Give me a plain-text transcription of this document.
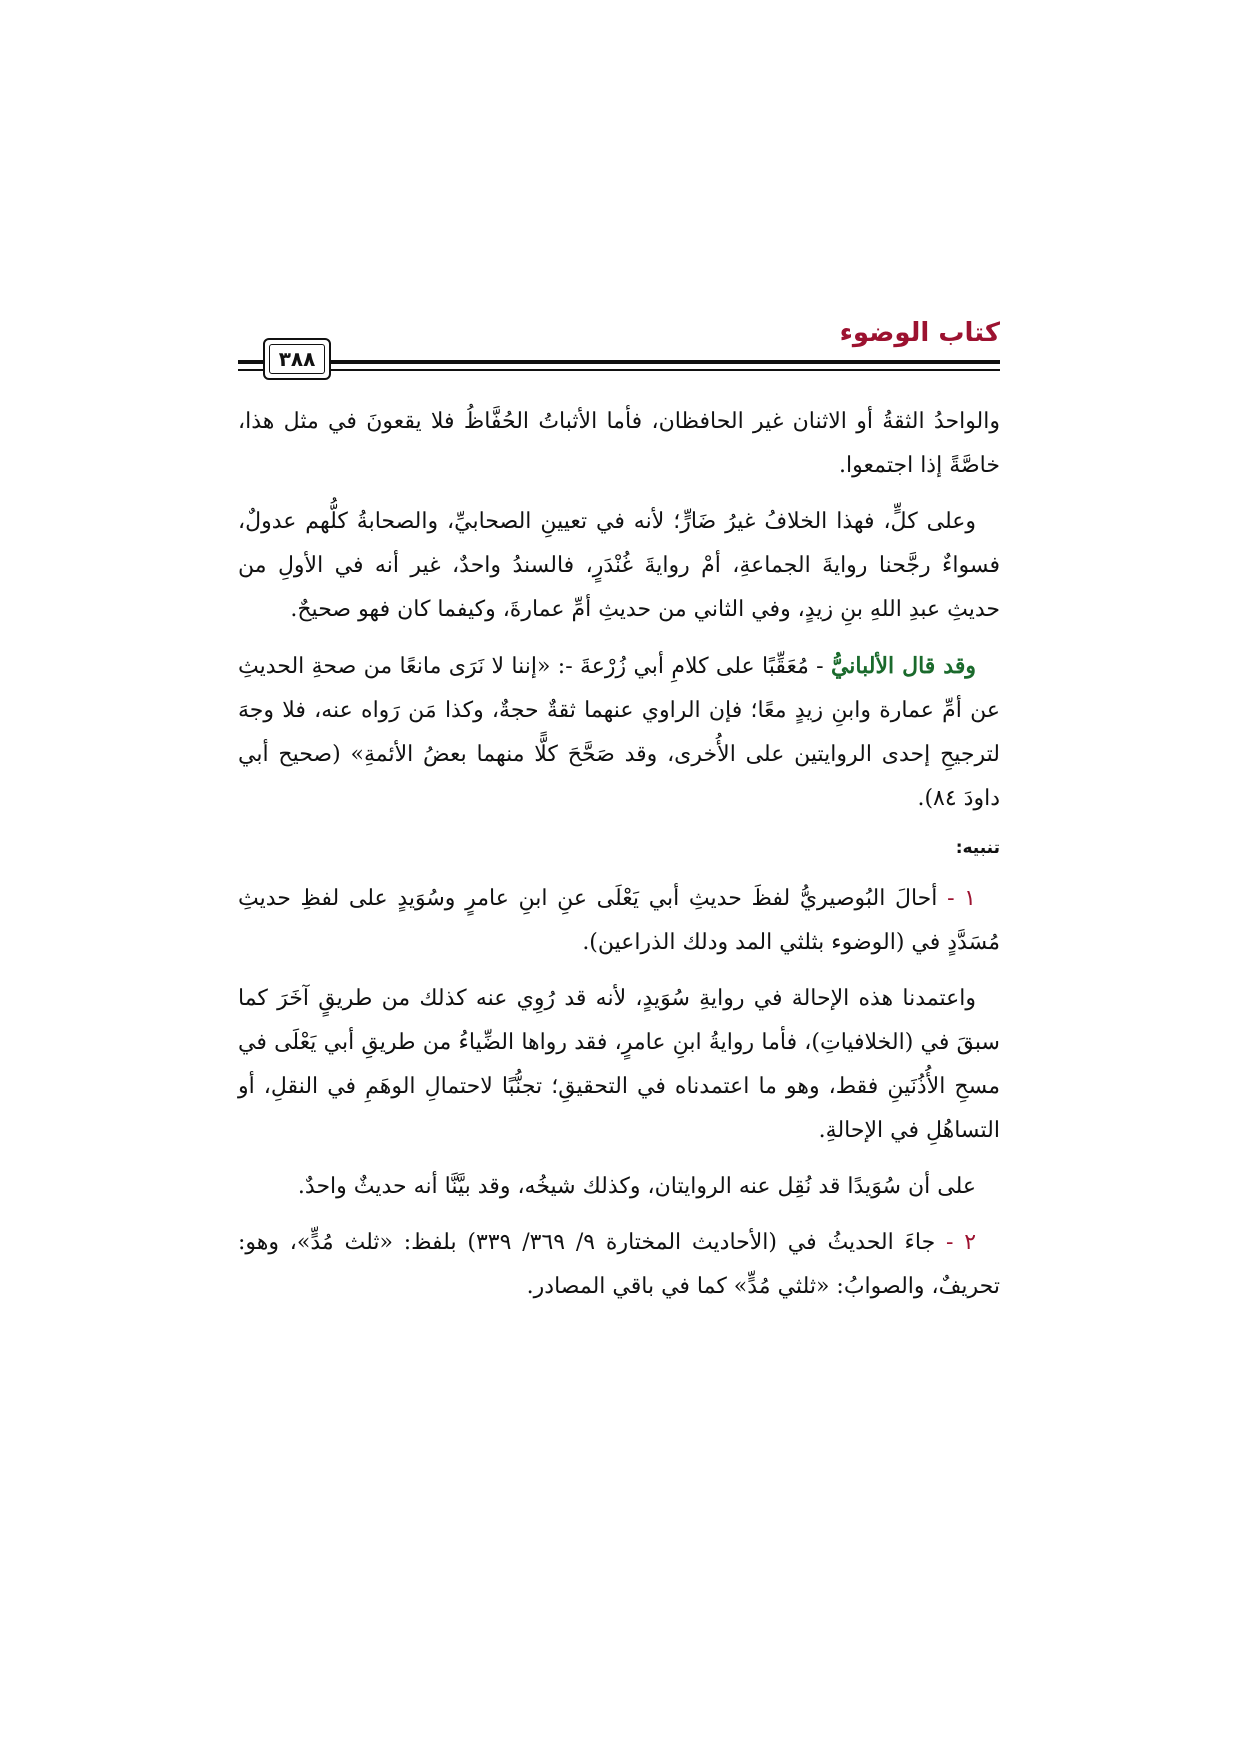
كتاب الوضوء
٣٨٨

والواحدُ الثقةُ أو الاثنان غير الحافظان، فأما الأثباتُ الحُفَّاظُ فلا يقعونَ في مثل هذا، خاصَّةً إذا اجتمعوا.

وعلى كلٍّ، فهذا الخلافُ غيرُ ضَارٍّ؛ لأنه في تعيينِ الصحابيِّ، والصحابةُ كلُّهم عدولٌ، فسواءٌ رجَّحنا روايةَ الجماعةِ، أمْ روايةَ غُنْدَرٍ، فالسندُ واحدٌ، غير أنه في الأولِ من حديثِ عبدِ اللهِ بنِ زيدٍ، وفي الثاني من حديثِ أمِّ عمارةَ، وكيفما كان فهو صحيحٌ.

وقد قال الألبانيُّ - مُعَقِّبًا على كلامِ أبي زُرْعةَ -: «إننا لا نَرَى مانعًا من صحةِ الحديثِ عن أمِّ عمارة وابنِ زيدٍ معًا؛ فإن الراوي عنهما ثقةٌ حجةٌ، وكذا مَن رَواه عنه، فلا وجهَ لترجيحِ إحدى الروايتين على الأُخرى، وقد صَحَّحَ كلًّا منهما بعضُ الأئمةِ» (صحيح أبي داودَ ٨٤).

تنبيه:

١ - أحالَ البُوصيريُّ لفظَ حديثِ أبي يَعْلَى عنِ ابنِ عامرٍ وسُوَيدٍ على لفظِ حديثِ مُسَدَّدٍ في (الوضوء بثلثي المد ودلك الذراعين).

واعتمدنا هذه الإحالة في روايةِ سُوَيدٍ، لأنه قد رُوِي عنه كذلك من طريقٍ آخَرَ كما سبقَ في (الخلافياتِ)، فأما روايةُ ابنِ عامرٍ، فقد رواها الضِّياءُ من طريقِ أبي يَعْلَى في مسحِ الأُذُنَينِ فقط، وهو ما اعتمدناه في التحقيقِ؛ تجنُّبًا لاحتمالِ الوهَمِ في النقلِ، أو التساهُلِ في الإحالةِ.

على أن سُوَيدًا قد نُقِل عنه الروايتان، وكذلك شيخُه، وقد بيَّنَّا أنه حديثٌ واحدٌ.

٢ - جاءَ الحديثُ في (الأحاديث المختارة ٩/ ٣٦٩/ ٣٣٩) بلفظ: «ثلث مُدٍّ»، وهو: تحريفٌ، والصوابُ: «ثلثي مُدٍّ» كما في باقي المصادر.
